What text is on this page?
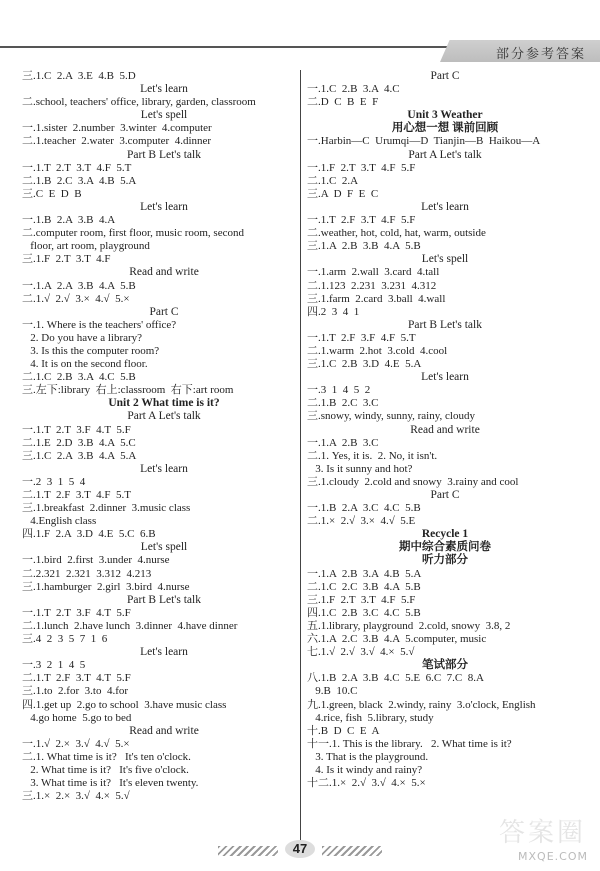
部分参考答案
三.1.C  2.A  3.E  4.B  5.D
Let's learn
二.school, teachers' office, library, garden, classroom
Let's spell
一.1.sister  2.number  3.winter  4.computer
二.1.teacher  2.water  3.computer  4.dinner
Part B Let's talk
一.1.T  2.T  3.T  4.F  5.T
二.1.B  2.C  3.A  4.B  5.A
三.C  E  D  B
Let's learn
一.1.B  2.A  3.B  4.A
二.computer room, first floor, music room, second
floor, art room, playground
三.1.F  2.T  3.T  4.F
Read and write
一.1.A  2.A  3.B  4.A  5.B
二.1.√  2.√  3.×  4.√  5.×
Part C
一.1. Where is the teachers' office?
2. Do you have a library?
3. Is this the computer room?
4. It is on the second floor.
二.1.C  2.B  3.A  4.C  5.B
三.左下:library  右上:classroom  右下:art room
Unit 2 What time is it?
Part A Let's talk
一.1.T  2.T  3.F  4.T  5.F
二.1.E  2.D  3.B  4.A  5.C
三.1.C  2.A  3.B  4.A  5.A
Let's learn
一.2  3  1  5  4
二.1.T  2.F  3.T  4.F  5.T
三.1.breakfast  2.dinner  3.music class
4.English class
四.1.F  2.A  3.D  4.E  5.C  6.B
Let's spell
一.1.bird  2.first  3.under  4.nurse
二.2.321  2.321  3.312  4.213
三.1.hamburger  2.girl  3.bird  4.nurse
Part B Let's talk
一.1.T  2.T  3.F  4.T  5.F
二.1.lunch  2.have lunch  3.dinner  4.have dinner
三.4  2  3  5  7  1  6
Let's learn
一.3  2  1  4  5
二.1.T  2.F  3.T  4.T  5.F
三.1.to  2.for  3.to  4.for
四.1.get up  2.go to school  3.have music class
4.go home  5.go to bed
Read and write
一.1.√  2.×  3.√  4.√  5.×
二.1. What time is it?   It's ten o'clock.
2. What time is it?   It's five o'clock.
3. What time is it?   It's eleven twenty.
三.1.×  2.×  3.√  4.×  5.√
Part C
一.1.C  2.B  3.A  4.C
二.D  C  B  E  F
Unit 3 Weather
用心想一想 课前回顾
一.Harbin—C  Urumqi—D  Tianjin—B  Haikou—A
Part A Let's talk
一.1.F  2.T  3.T  4.F  5.F
二.1.C  2.A
三.A  D  F  E  C
Let's learn
一.1.T  2.F  3.T  4.F  5.F
二.weather, hot, cold, hat, warm, outside
三.1.A  2.B  3.B  4.A  5.B
Let's spell
一.1.arm  2.wall  3.card  4.tall
二.1.123  2.231  3.231  4.312
三.1.farm  2.card  3.ball  4.wall
四.2  3  4  1
Part B Let's talk
一.1.T  2.F  3.F  4.F  5.T
二.1.warm  2.hot  3.cold  4.cool
三.1.C  2.B  3.D  4.E  5.A
Let's learn
一.3  1  4  5  2
二.1.B  2.C  3.C
三.snowy, windy, sunny, rainy, cloudy
Read and write
一.1.A  2.B  3.C
二.1. Yes, it is.  2. No, it isn't.
3. Is it sunny and hot?
三.1.cloudy  2.cold and snowy  3.rainy and cool
Part C
一.1.B  2.A  3.C  4.C  5.B
二.1.×  2.√  3.×  4.√  5.E
Recycle 1
期中综合素质问卷
听力部分
一.1.A  2.B  3.A  4.B  5.A
二.1.C  2.C  3.B  4.A  5.B
三.1.F  2.T  3.T  4.F  5.F
四.1.C  2.B  3.C  4.C  5.B
五.1.library, playground  2.cold, snowy  3.8, 2
六.1.A  2.C  3.B  4.A  5.computer, music
七.1.√  2.√  3.√  4.×  5.√
笔试部分
八.1.B  2.A  3.B  4.C  5.E  6.C  7.C  8.A
9.B  10.C
九.1.green, black  2.windy, rainy  3.o'clock, English
4.rice, fish  5.library, study
十.B  D  C  E  A
十一.1. This is the library.   2. What time is it?
3. That is the playground.
4. Is it windy and rainy?
十二.1.×  2.√  3.√  4.×  5.×
47
答案圈
MXQE.COM
